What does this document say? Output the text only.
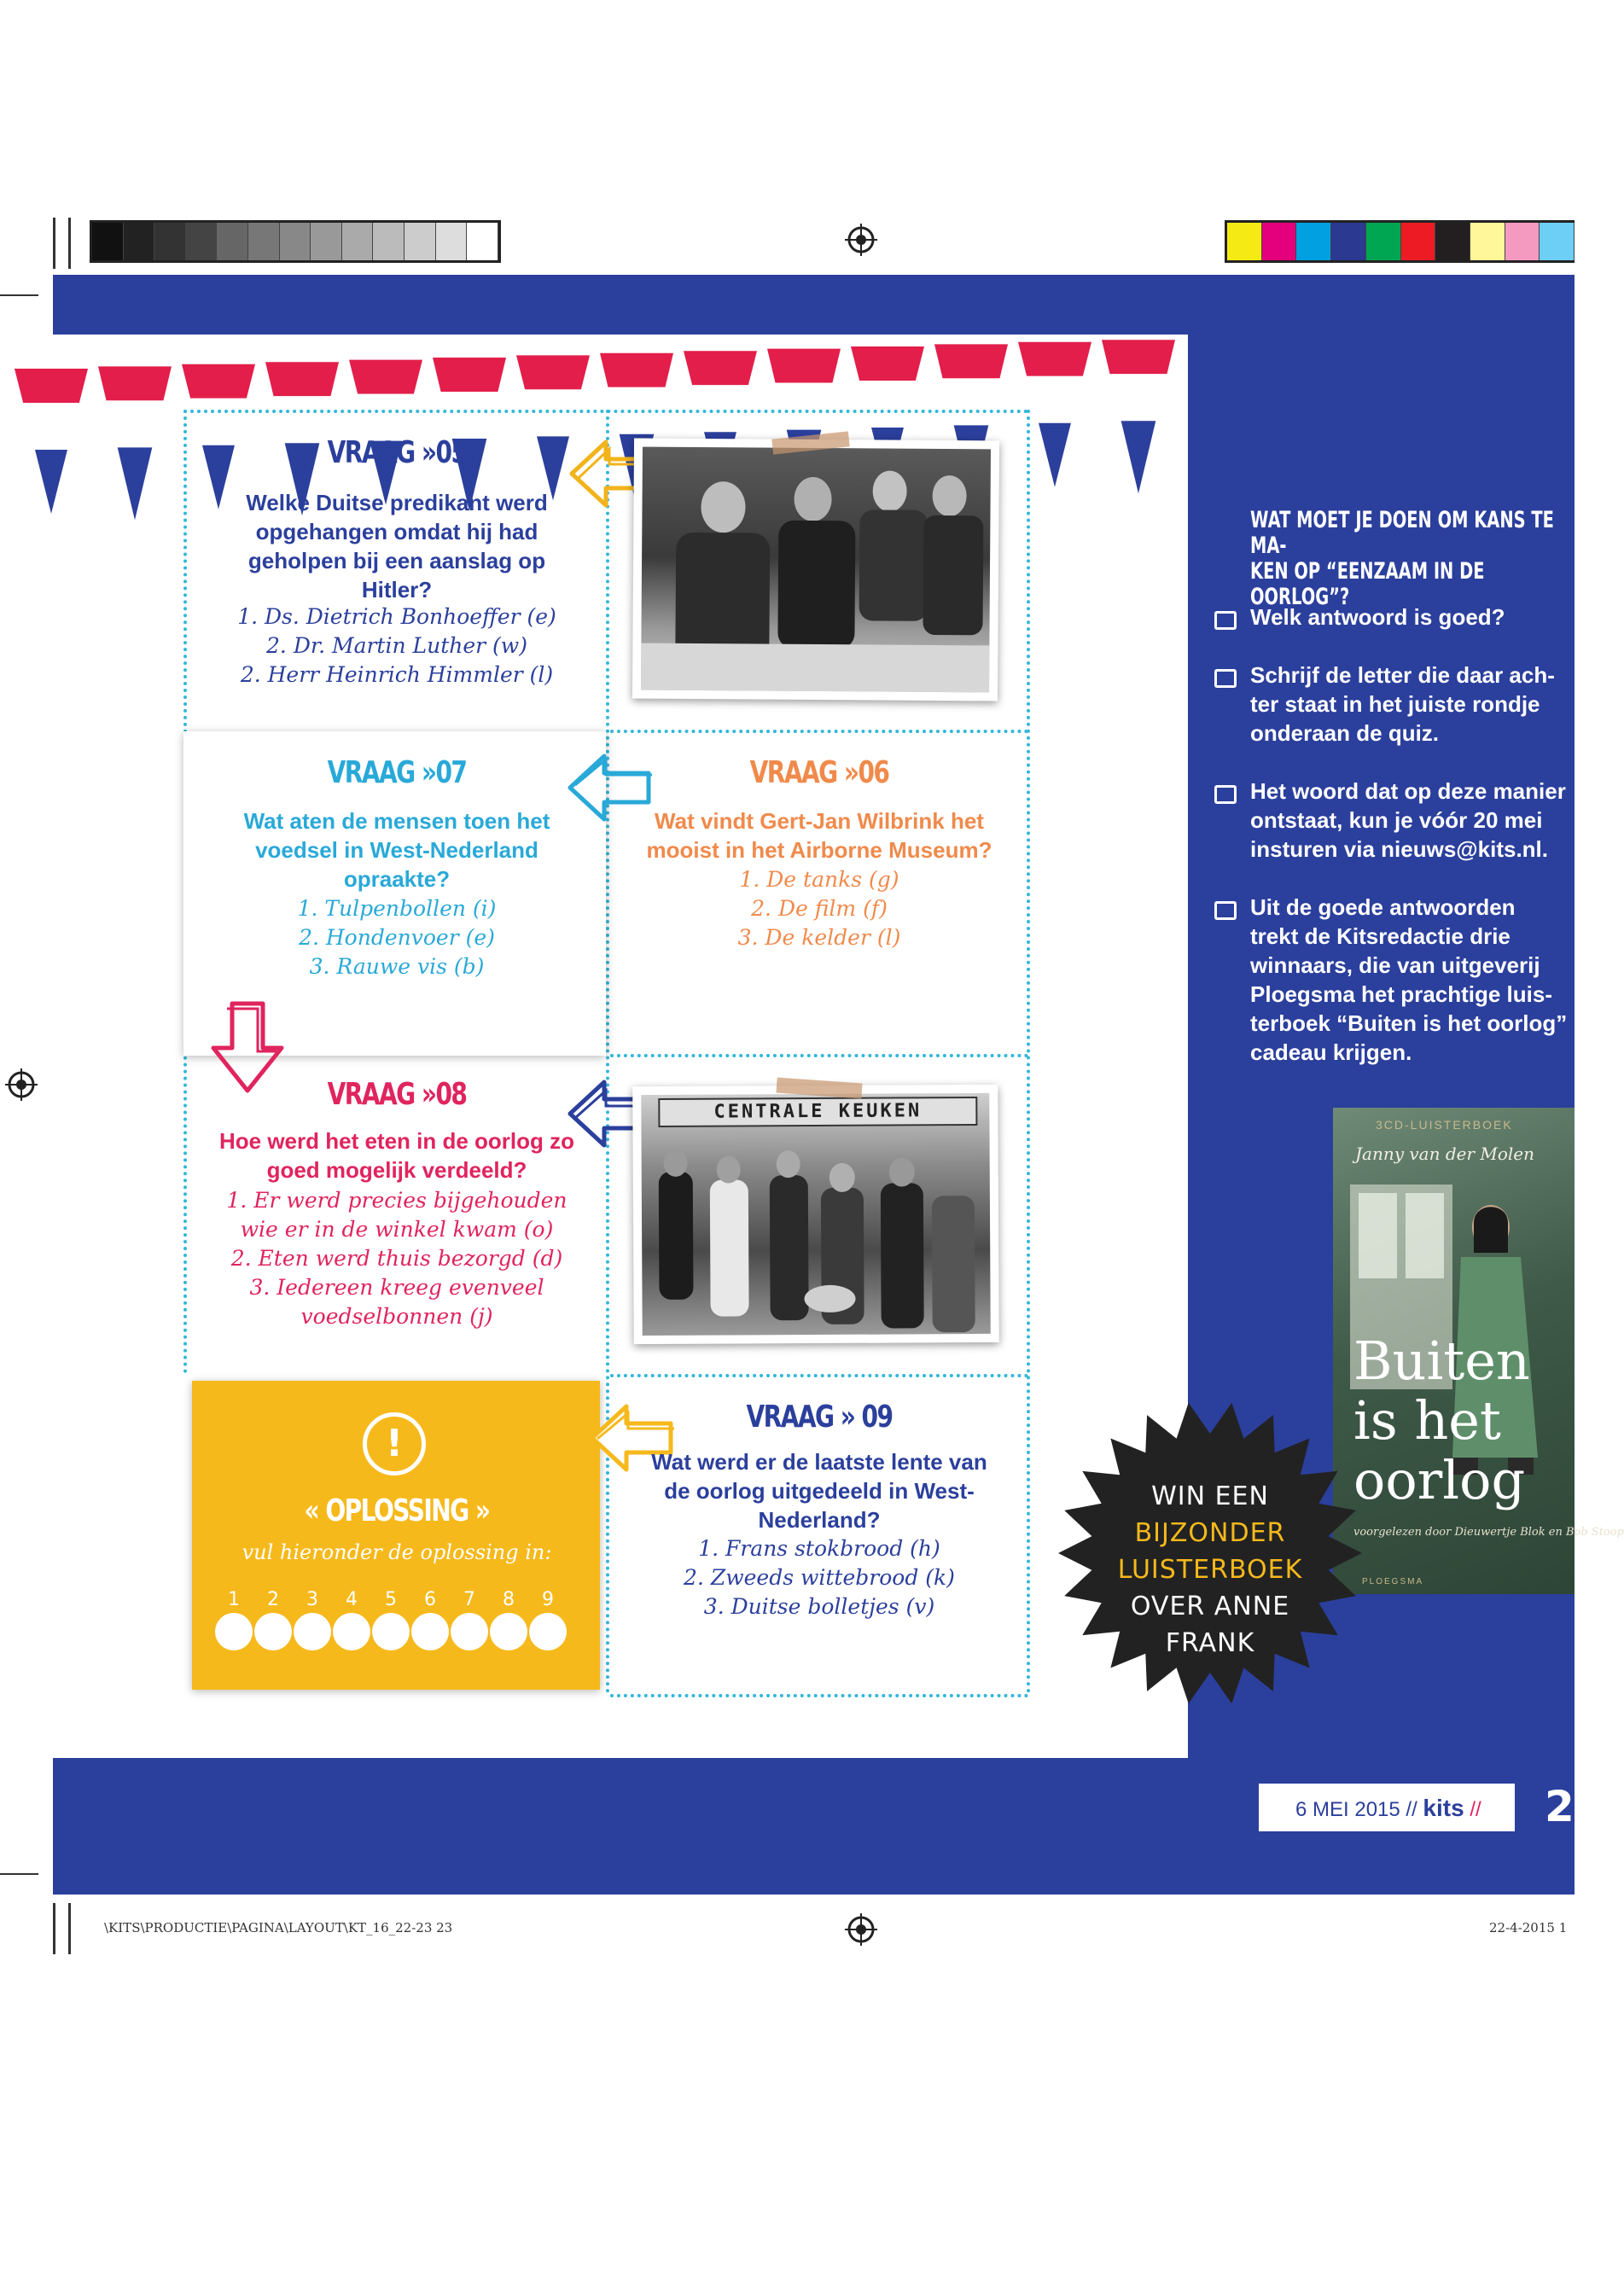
VRAAG »05
Welke Duitse predikant werd opgehangen omdat hij had geholpen bij een aanslag op Hitler?
1. Ds. Dietrich Bonhoeffer (e)
2. Dr. Martin Luther (w)
2. Herr Heinrich Himmler (l)
VRAAG »07
Wat aten de mensen toen het voedsel in West-Nederland opraakte?
1. Tulpenbollen (i)
2. Hondenvoer (e)
3. Rauwe vis (b)
VRAAG »06
Wat vindt Gert-Jan Wilbrink het mooist in het Airborne Museum?
1. De tanks (g)
2. De film (f)
3. De kelder (l)
VRAAG »08
Hoe werd het eten in de oorlog zo goed mogelijk verdeeld?
1. Er werd precies bijgehouden
wie er in de winkel kwam (o)
2. Eten werd thuis bezorgd (d)
3. Iedereen kreeg evenveel
voedselbonnen (j)
CENTRALE KEUKEN
!
« OPLOSSING »
vul hieronder de oplossing in:
1	2	3	4	5	6	7	8	9
VRAAG » 09
Wat werd er de laatste lente van de oorlog uitgedeeld in West-Nederland?
1. Frans stokbrood (h)
2. Zweeds wittebrood (k)
3. Duitse bolletjes (v)
WAT MOET JE DOEN OM KANS TE MA-
KEN OP “EENZAAM IN DE OORLOG”?
Welk antwoord is goed?
Schrijf de letter die daar ach-
ter staat in het juiste rondje
onderaan de quiz.
Het woord dat op deze manier
ontstaat, kun je vóór 20 mei
insturen via nieuws@kits.nl.
Uit de goede antwoorden
trekt de Kitsredactie drie
winnaars, die van uitgeverij
Ploegsma het prachtige luis-
terboek “Buiten is het oorlog”
cadeau krijgen.
3CD-LUISTERBOEK
Janny van der Molen
Buiten
is het
oorlog
voorgelezen door Dieuwertje Blok en Bob Stoop
PLOEGSMA
WIN EEN
BIJZONDER
LUISTERBOEK
OVER ANNE
FRANK
6 MEI 2015 // kits // 2
\KITS\PRODUCTIE\PAGINA\LAYOUT\KT_16_22-23 23	22-4-2015 1
